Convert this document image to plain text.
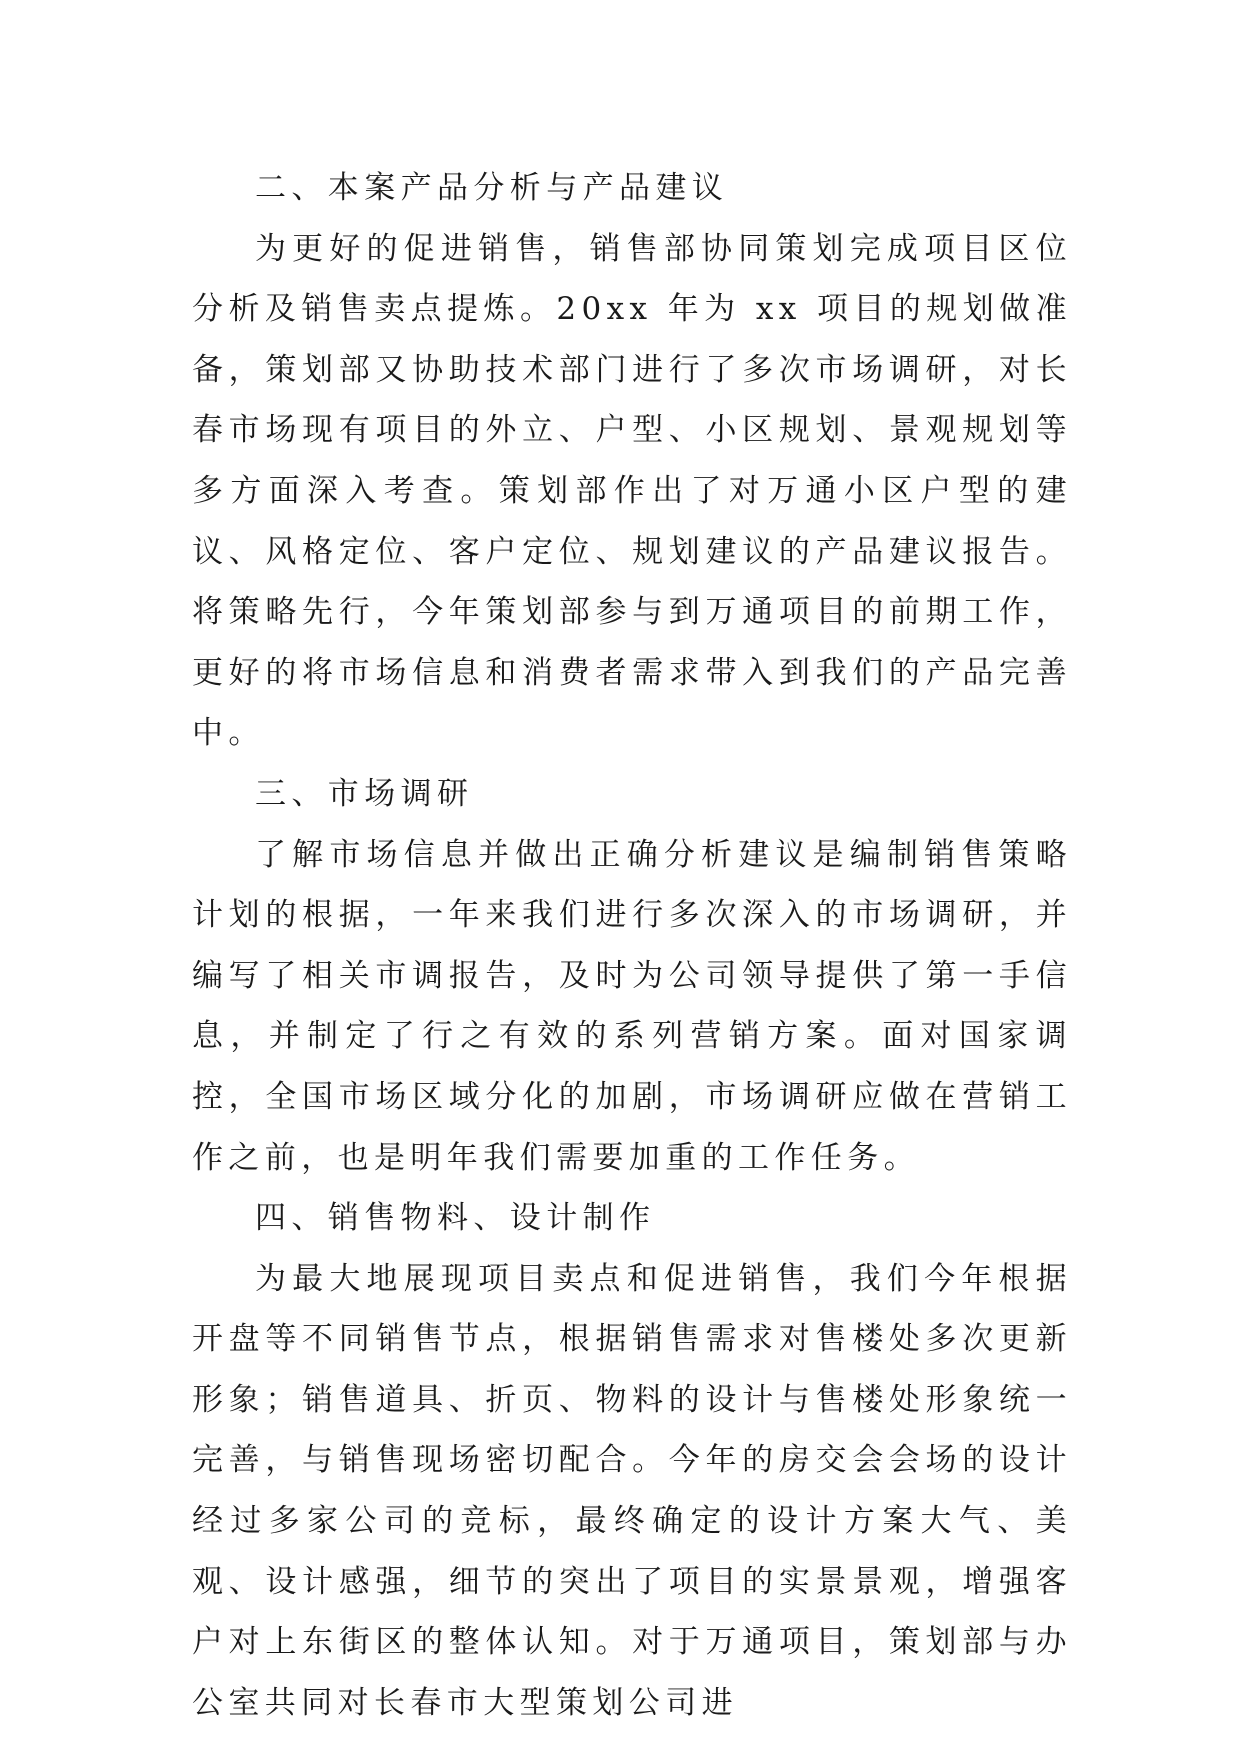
二、本案产品分析与产品建议

为更好的促进销售，销售部协同策划完成项目区位分析及销售卖点提炼。20xx 年为 xx 项目的规划做准备，策划部又协助技术部门进行了多次市场调研，对长春市场现有项目的外立、户型、小区规划、景观规划等多方面深入考查。策划部作出了对万通小区户型的建议、风格定位、客户定位、规划建议的产品建议报告。将策略先行，今年策划部参与到万通项目的前期工作，更好的将市场信息和消费者需求带入到我们的产品完善中。

三、市场调研

了解市场信息并做出正确分析建议是编制销售策略计划的根据，一年来我们进行多次深入的市场调研，并编写了相关市调报告，及时为公司领导提供了第一手信息，并制定了行之有效的系列营销方案。面对国家调控，全国市场区域分化的加剧，市场调研应做在营销工作之前，也是明年我们需要加重的工作任务。

四、销售物料、设计制作

为最大地展现项目卖点和促进销售，我们今年根据开盘等不同销售节点，根据销售需求对售楼处多次更新形象；销售道具、折页、物料的设计与售楼处形象统一完善，与销售现场密切配合。今年的房交会会场的设计经过多家公司的竞标，最终确定的设计方案大气、美观、设计感强，细节的突出了项目的实景景观，增强客户对上东街区的整体认知。对于万通项目，策划部与办公室共同对长春市大型策划公司进
